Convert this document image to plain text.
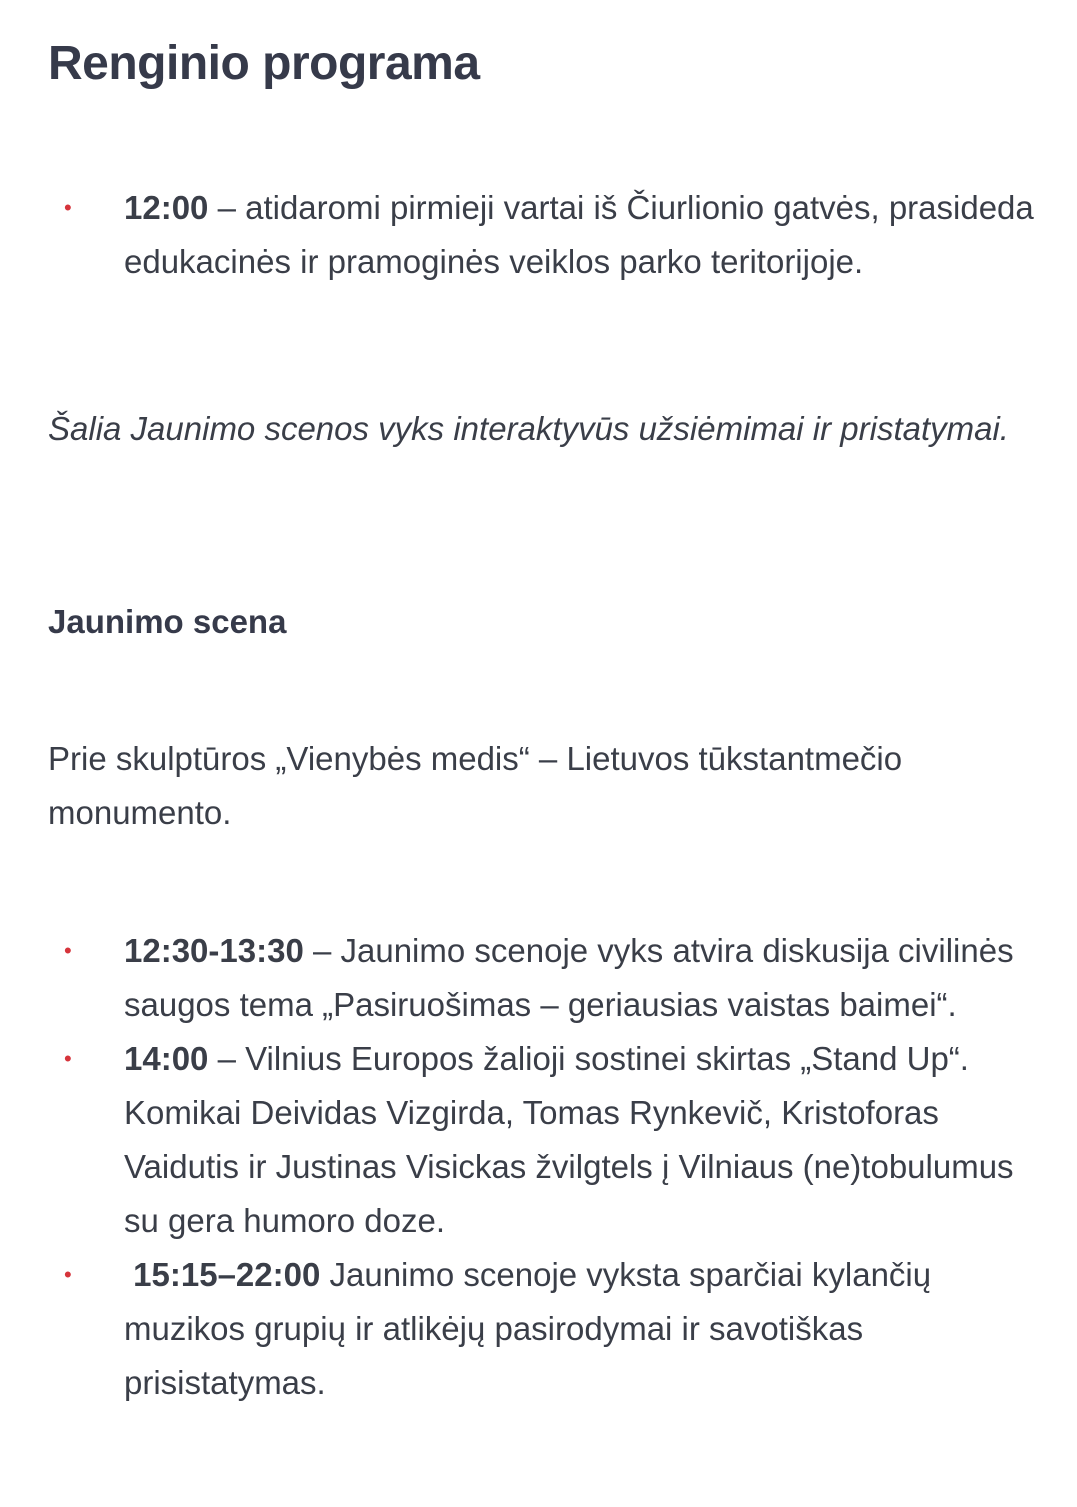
Renginio programa
• 12:00 – atidaromi pirmieji vartai iš Čiurlionio gatvės, prasideda edukacinės ir pramoginės veiklos parko teritorijoje.

Šalia Jaunimo scenos vyks interaktyvūs užsiėmimai ir pristatymai.

Jaunimo scena

Prie skulptūros „Vienybės medis“ – Lietuvos tūkstantmečio monumento.

• 12:30-13:30 – Jaunimo scenoje vyks atvira diskusija civilinės saugos tema „Pasiruošimas – geriausias vaistas baimei“.
• 14:00 – Vilnius Europos žalioji sostinei skirtas „Stand Up“. Komikai Deividas Vizgirda, Tomas Rynkevič, Kristoforas Vaidutis ir Justinas Visickas žvilgtels į Vilniaus (ne)tobulumus su gera humoro doze.
• 15:15–22:00 Jaunimo scenoje vyksta sparčiai kylančių muzikos grupių ir atlikėjų pasirodymai ir savotiškas prisistatymas.
